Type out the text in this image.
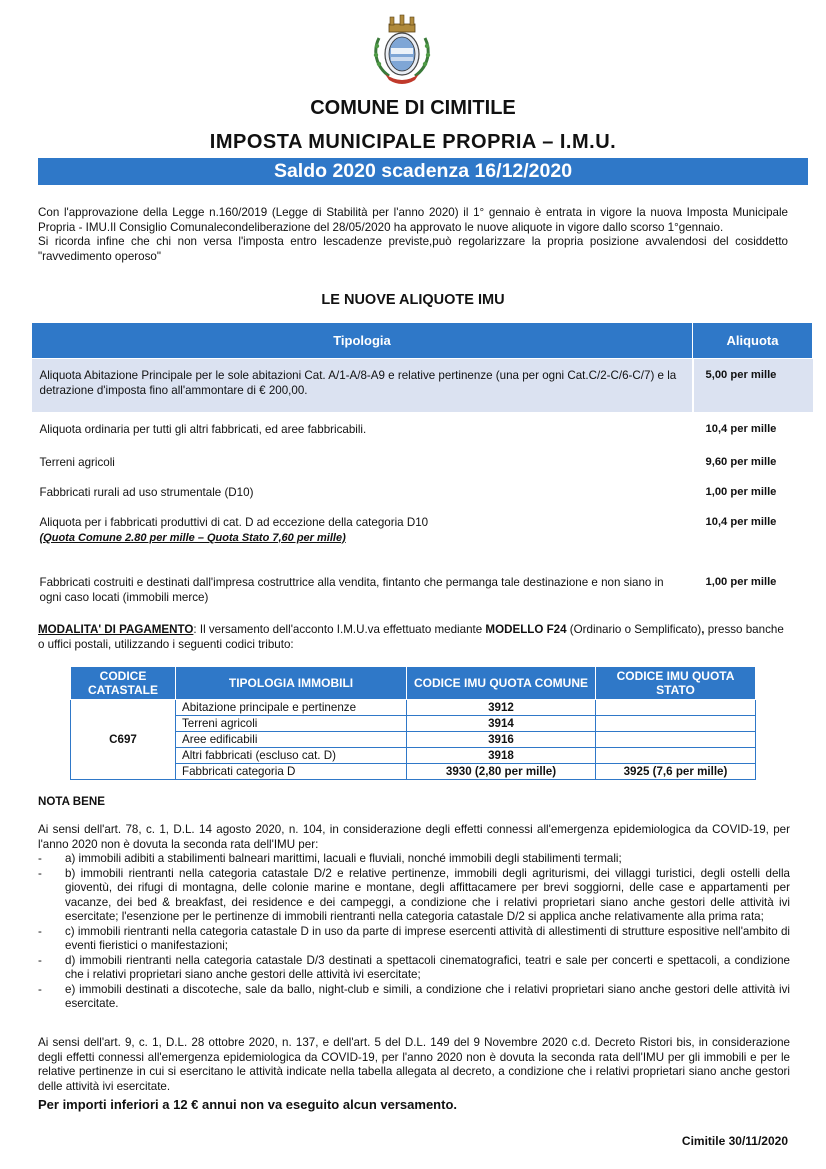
COMUNE DI CIMITILE
IMPOSTA MUNICIPALE PROPRIA – I.M.U.
Saldo 2020 scadenza 16/12/2020

Con l'approvazione della Legge n.160/2019 (Legge di Stabilità per l'anno 2020) il 1° gennaio è entrata in vigore la nuova Imposta Municipale Propria - IMU.Il Consiglio Comunalecondeliberazione del 28/05/2020 ha approvato le nuove aliquote in vigore dallo scorso 1°gennaio.

Si ricorda infine che chi non versa l'imposta entro lescadenze previste,può regolarizzare la propria posizione avvalendosi del cosiddetto "ravvedimento operoso"

LE NUOVE ALIQUOTE IMU
Tipologia	Aliquota
Aliquota Abitazione Principale per le sole abitazioni Cat. A/1-A/8-A9 e relative pertinenze (una per ogni Cat.C/2-C/6-C/7) e la detrazione d'imposta fino all'ammontare di € 200,00.	5,00 per mille
Aliquota ordinaria per tutti gli altri fabbricati, ed aree fabbricabili.	10,4 per mille
Terreni agricoli	9,60 per mille
Fabbricati rurali ad uso strumentale (D10)	1,00 per mille

Aliquota per i fabbricati produttivi di cat. D ad eccezione della categoria D10
(Quota Comune 2.80 per mille – Quota Stato 7,60 per mille)	10,4 per mille
Fabbricati costruiti e destinati dall'impresa costruttrice alla vendita, fintanto che permanga tale destinazione e non siano in ogni caso locati (immobili merce)	1,00 per mille
MODALITA' DI PAGAMENTO: Il versamento dell'acconto I.M.U.va effettuato mediante MODELLO F24 (Ordinario o Semplificato), presso banche o uffici postali, utilizzando i seguenti codici tributo:
CODICE CATASTALE	TIPOLOGIA IMMOBILI	CODICE IMU QUOTA COMUNE	CODICE IMU QUOTA STATO
C697	Abitazione principale e pertinenze	3912	
	Terreni agricoli	3914	
	Aree edificabili	3916	
	Altri fabbricati (escluso cat. D)	3918	
	Fabbricati categoria D	3930 (2,80 per mille)	3925 (7,6 per mille)
NOTA BENE

Ai sensi dell'art. 78, c. 1, D.L. 14 agosto 2020, n. 104, in considerazione degli effetti connessi all'emergenza epidemiologica da COVID-19, per l'anno 2020 non è dovuta la seconda rata dell'IMU per:

- a) immobili adibiti a stabilimenti balneari marittimi, lacuali e fluviali, nonché immobili degli stabilimenti termali;
- b) immobili rientranti nella categoria catastale D/2 e relative pertinenze, immobili degli agriturismi, dei villaggi turistici, degli ostelli della gioventù, dei rifugi di montagna, delle colonie marine e montane, degli affittacamere per brevi soggiorni, delle case e appartamenti per vacanze, dei bed & breakfast, dei residence e dei campeggi, a condizione che i relativi proprietari siano anche gestori delle attività ivi esercitate; l'esenzione per le pertinenze di immobili rientranti nella categoria catastale D/2 si applica anche relativamente alla prima rata;
- c) immobili rientranti nella categoria catastale D in uso da parte di imprese esercenti attività di allestimenti di strutture espositive nell'ambito di eventi fieristici o manifestazioni;
- d) immobili rientranti nella categoria catastale D/3 destinati a spettacoli cinematografici, teatri e sale per concerti e spettacoli, a condizione che i relativi proprietari siano anche gestori delle attività ivi esercitate;
- e) immobili destinati a discoteche, sale da ballo, night-club e simili, a condizione che i relativi proprietari siano anche gestori delle attività ivi esercitate.

Ai sensi dell'art. 9, c. 1, D.L. 28 ottobre 2020, n. 137, e dell'art. 5 del D.L. 149 del 9 Novembre 2020 c.d. Decreto Ristori bis, in considerazione degli effetti connessi all'emergenza epidemiologica da COVID-19, per l'anno 2020 non è dovuta la seconda rata dell'IMU per gli immobili e per le relative pertinenze in cui si esercitano le attività indicate nella tabella allegata al decreto, a condizione che i relativi proprietari siano anche gestori delle attività ivi esercitate.

Per importi inferiori a 12 € annui non va eseguito alcun versamento.
Cimitile 30/11/2020
